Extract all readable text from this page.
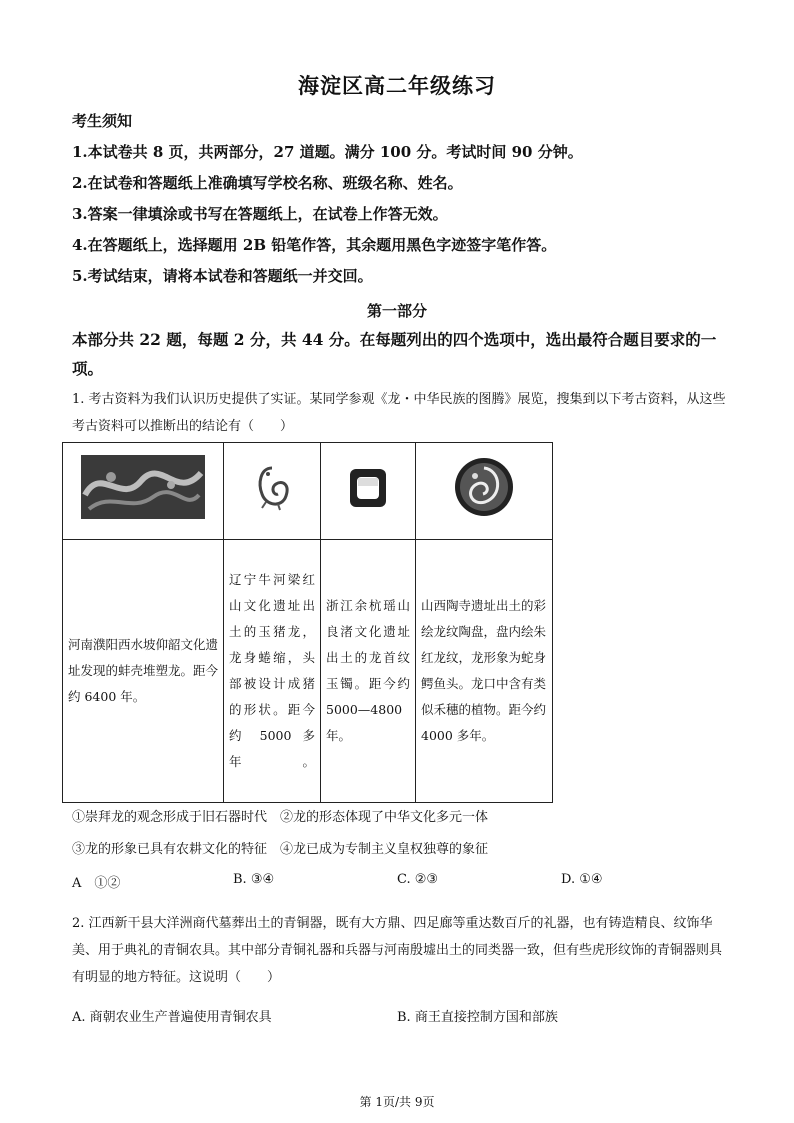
海淀区高二年级练习
考生须知
1.本试卷共 8 页，共两部分，27 道题。满分 100 分。考试时间 90 分钟。
2.在试卷和答题纸上准确填写学校名称、班级名称、姓名。
3.答案一律填涂或书写在答题纸上，在试卷上作答无效。
4.在答题纸上，选择题用 2B 铅笔作答，其余题用黑色字迹签字笔作答。
5.考试结束，请将本试卷和答题纸一并交回。
第一部分
本部分共 22 题，每题 2 分，共 44 分。在每题列出的四个选项中，选出最符合题目要求的一项。
1. 考古资料为我们认识历史提供了实证。某同学参观《龙・中华民族的图腾》展览，搜集到以下考古资料，从这些考古资料可以推断出的结论有（　　）

河南濮阳西水坡仰韶文化遗址发现的蚌壳堆塑龙。距今约 6400 年。	辽宁牛河梁红山文化遗址出土的玉猪龙，龙身蜷缩，头部被设计成猪的形状。距今约 5000 多年。	浙江余杭瑶山良渚文化遗址出土的龙首纹玉镯。距今约 5000—4800 年。	山西陶寺遗址出土的彩绘龙纹陶盘，盘内绘朱红龙纹，龙形象为蛇身鳄鱼头。龙口中含有类似禾穗的植物。距今约 4000 多年。
①崇拜龙的观念形成于旧石器时代　②龙的形态体现了中华文化多元一体
③龙的形象已具有农耕文化的特征　④龙已成为专制主义皇权独尊的象征
A　①②	B. ③④	C. ②③	D. ①④
2. 江西新干县大洋洲商代墓葬出土的青铜器，既有大方鼎、四足廊等重达数百斤的礼器，也有铸造精良、纹饰华美、用于典礼的青铜农具。其中部分青铜礼器和兵器与河南殷墟出土的同类器一致，但有些虎形纹饰的青铜器则具有明显的地方特征。这说明（　　）
A. 商朝农业生产普遍使用青铜农具	B. 商王直接控制方国和部族
第 1页/共 9页
